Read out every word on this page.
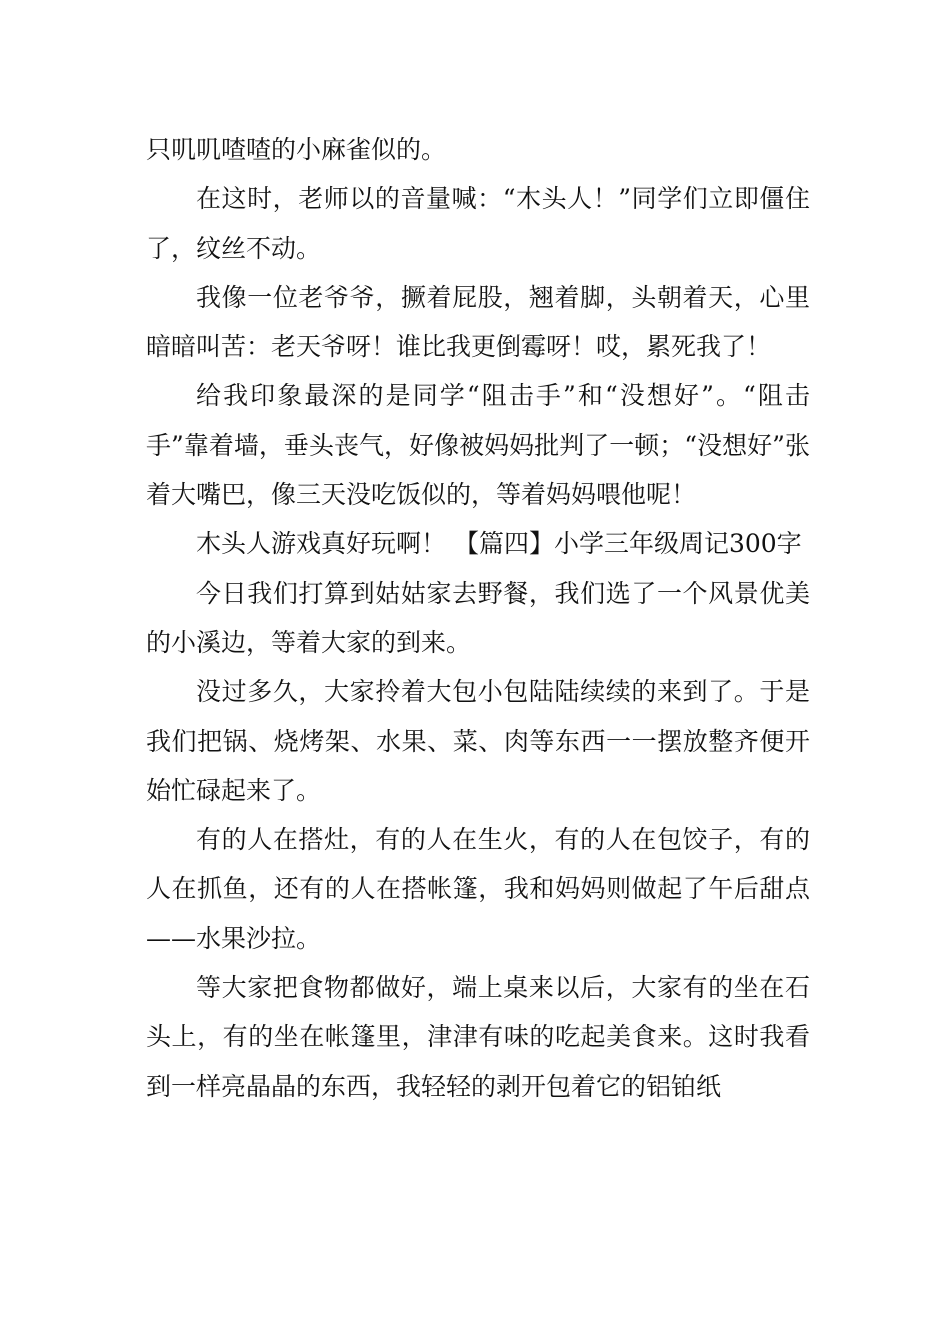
只叽叽喳喳的小麻雀似的。

在这时，老师以的音量喊：“木头人！”同学们立即僵住了，纹丝不动。

我像一位老爷爷，撅着屁股，翘着脚，头朝着天，心里暗暗叫苦：老天爷呀！谁比我更倒霉呀！哎，累死我了！

给我印象最深的是同学“阻击手”和“没想好”。“阻击手”靠着墙，垂头丧气，好像被妈妈批判了一顿；“没想好”张着大嘴巴，像三天没吃饭似的，等着妈妈喂他呢！

木头人游戏真好玩啊！ 【篇四】小学三年级周记300字

今日我们打算到姑姑家去野餐，我们选了一个风景优美的小溪边，等着大家的到来。

没过多久，大家拎着大包小包陆陆续续的来到了。于是我们把锅、烧烤架、水果、菜、肉等东西一一摆放整齐便开始忙碌起来了。

有的人在搭灶，有的人在生火，有的人在包饺子，有的人在抓鱼，还有的人在搭帐篷，我和妈妈则做起了午后甜点——水果沙拉。

等大家把食物都做好，端上桌来以后，大家有的坐在石头上，有的坐在帐篷里，津津有味的吃起美食来。这时我看到一样亮晶晶的东西，我轻轻的剥开包着它的铝铂纸
